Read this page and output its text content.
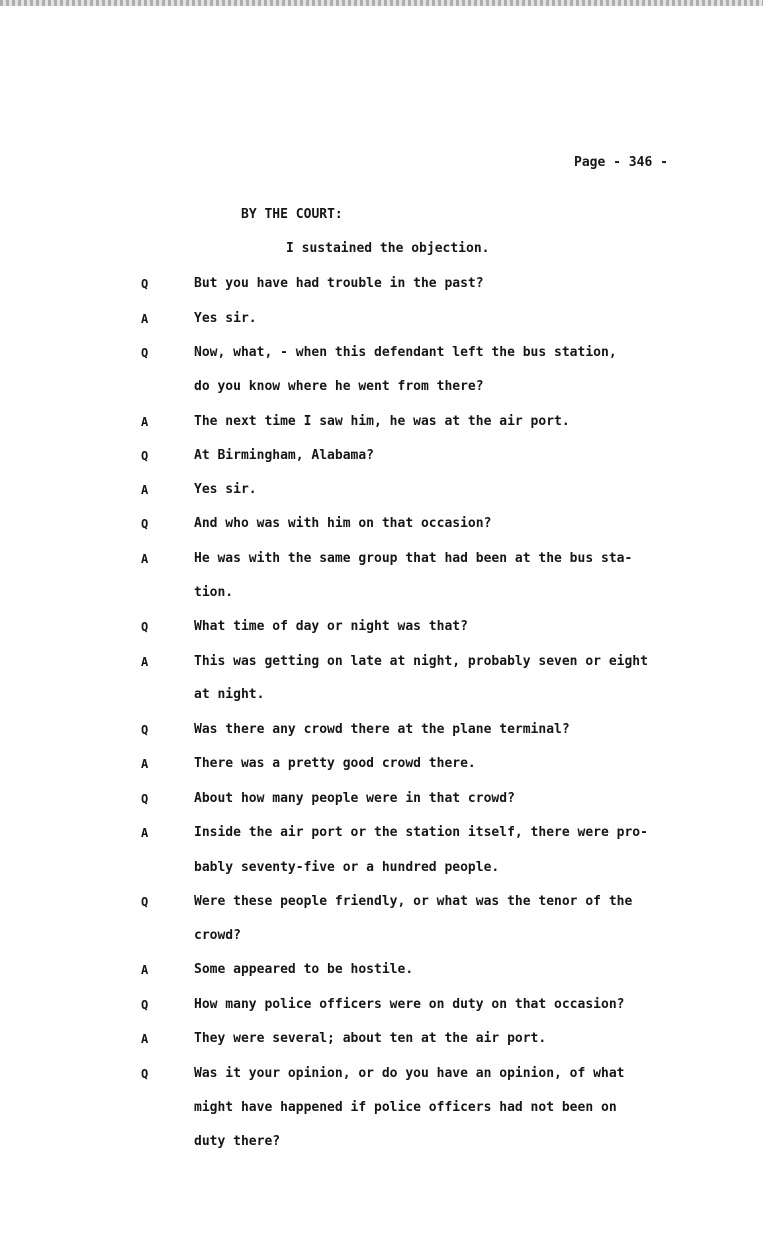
Page - 346 -
BY THE COURT:
I sustained the objection.
Q	But you have had trouble in the past?
A	Yes sir.
Q	Now, what, - when this defendant left the bus station,
do you know where he went from there?
A	The next time I saw him, he was at the air port.
Q	At Birmingham, Alabama?
A	Yes sir.
Q	And who was with him on that occasion?
A	He was with the same group that had been at the bus sta-
tion.
Q	What time of day or night was that?
A	This was getting on late at night, probably seven or eight
at night.
Q	Was there any crowd there at the plane terminal?
A	There was a pretty good crowd there.
Q	About how many people were in that crowd?
A	Inside the air port or the station itself, there were pro-
bably seventy-five or a hundred people.
Q	Were these people friendly, or what was the tenor of the
crowd?
A	Some appeared to be hostile.
Q	How many police officers were on duty on that occasion?
A	They were several; about ten at the air port.
Q	Was it your opinion, or do you have an opinion, of what
might have happened if police officers had not been on
duty there?
